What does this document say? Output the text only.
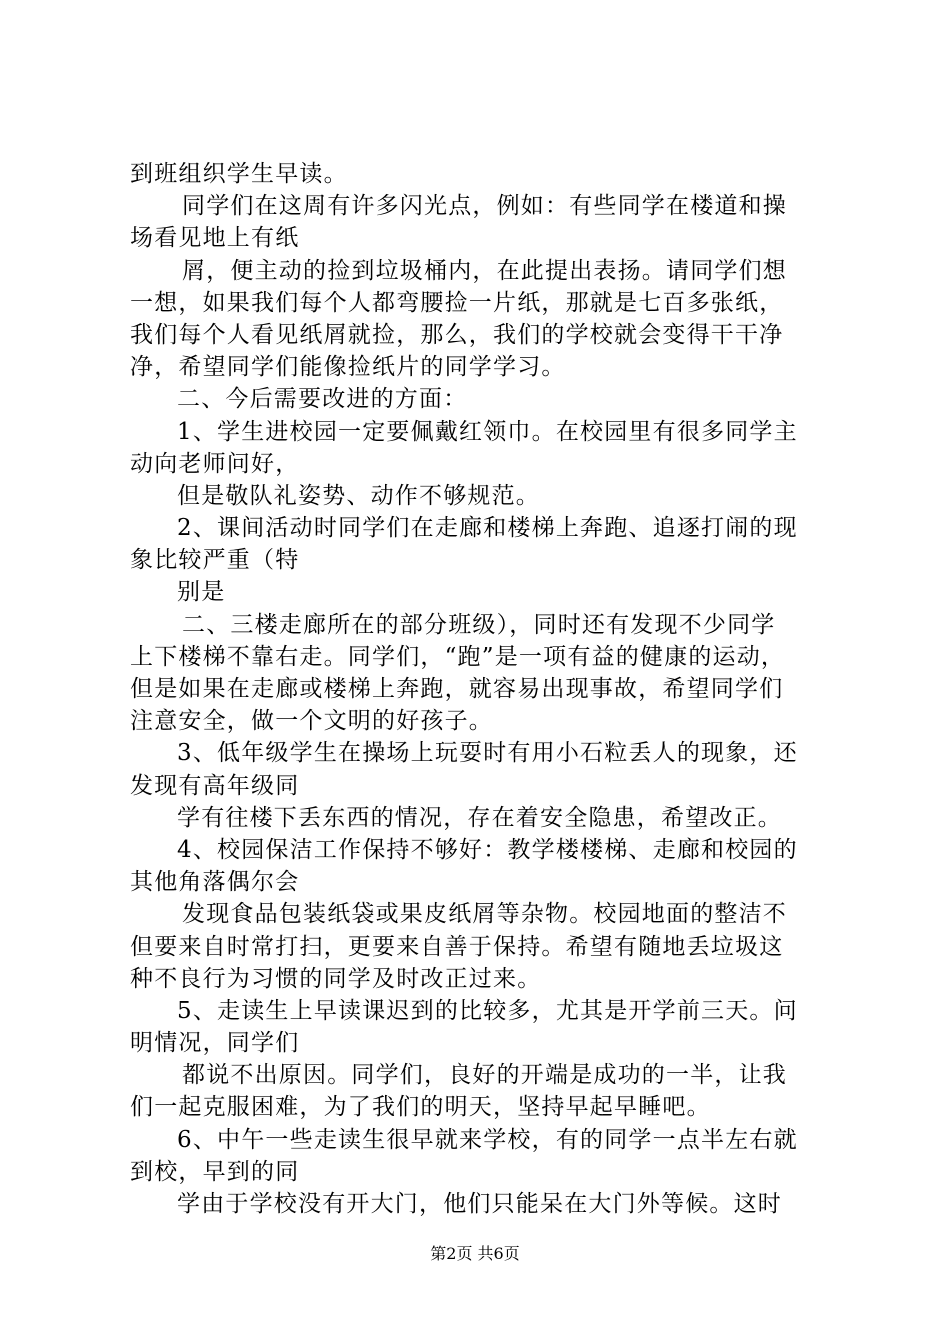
到班组织学生早读。
同学们在这周有许多闪光点，例如：有些同学在楼道和操
场看见地上有纸
屑，便主动的捡到垃圾桶内，在此提出表扬。请同学们想
一想，如果我们每个人都弯腰捡一片纸，那就是七百多张纸，
我们每个人看见纸屑就捡，那么，我们的学校就会变得干干净
净，希望同学们能像捡纸片的同学学习。
二、今后需要改进的方面：
1、学生进校园一定要佩戴红领巾。在校园里有很多同学主
动向老师问好，
但是敬队礼姿势、动作不够规范。
2、课间活动时同学们在走廊和楼梯上奔跑、追逐打闹的现
象比较严重（特
别是
二、三楼走廊所在的部分班级），同时还有发现不少同学
上下楼梯不靠右走。同学们，“跑”是一项有益的健康的运动，
但是如果在走廊或楼梯上奔跑，就容易出现事故，希望同学们
注意安全，做一个文明的好孩子。
3、低年级学生在操场上玩耍时有用小石粒丢人的现象，还
发现有高年级同
学有往楼下丢东西的情况，存在着安全隐患，希望改正。
4、校园保洁工作保持不够好：教学楼楼梯、走廊和校园的
其他角落偶尔会
发现食品包装纸袋或果皮纸屑等杂物。校园地面的整洁不
但要来自时常打扫，更要来自善于保持。希望有随地丢垃圾这
种不良行为习惯的同学及时改正过来。
5、走读生上早读课迟到的比较多，尤其是开学前三天。问
明情况，同学们
都说不出原因。同学们，良好的开端是成功的一半，让我
们一起克服困难，为了我们的明天，坚持早起早睡吧。
6、中午一些走读生很早就来学校，有的同学一点半左右就
到校，早到的同
学由于学校没有开大门，他们只能呆在大门外等候。这时
第2页 共6页
